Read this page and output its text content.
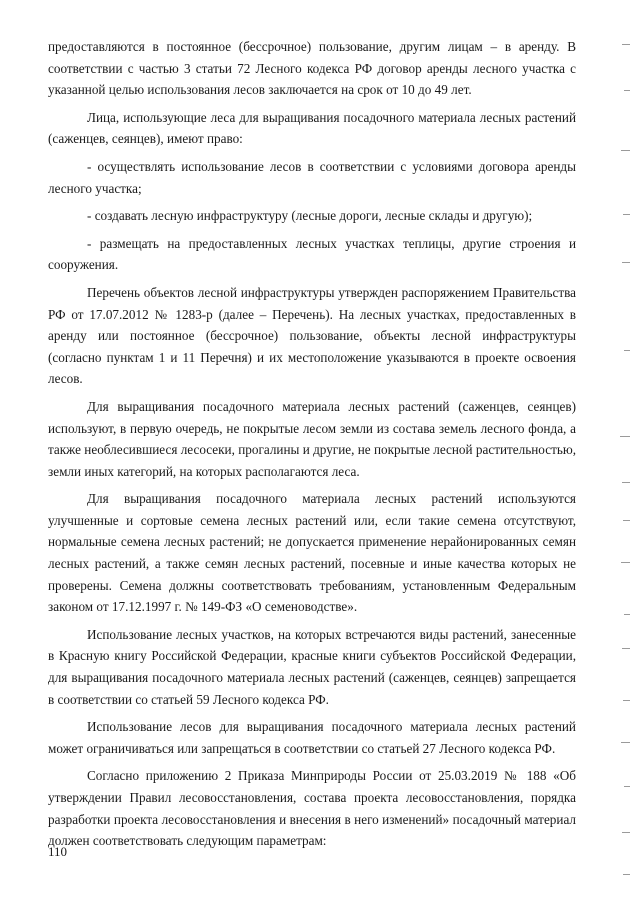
предоставляются в постоянное (бессрочное) пользование, другим лицам – в аренду. В соответствии с частью 3 статьи 72 Лесного кодекса РФ договор аренды лесного участка с указанной целью использования лесов заключается на срок от 10 до 49 лет.

Лица, использующие леса для выращивания посадочного материала лесных растений (саженцев, сеянцев), имеют право:

- осуществлять использование лесов в соответствии с условиями договора аренды лесного участка;

- создавать лесную инфраструктуру (лесные дороги, лесные склады и другую);

- размещать на предоставленных лесных участках теплицы, другие строения и сооружения.

Перечень объектов лесной инфраструктуры утвержден распоряжением Правительства РФ от 17.07.2012 № 1283-р (далее – Перечень). На лесных участках, предоставленных в аренду или постоянное (бессрочное) пользование, объекты лесной инфраструктуры (согласно пунктам 1 и 11 Перечня) и их местоположение указываются в проекте освоения лесов.

Для выращивания посадочного материала лесных растений (саженцев, сеянцев) используют, в первую очередь, не покрытые лесом земли из состава земель лесного фонда, а также необлесившиеся лесосеки, прогалины и другие, не покрытые лесной растительностью, земли иных категорий, на которых располагаются леса.

Для выращивания посадочного материала лесных растений используются улучшенные и сортовые семена лесных растений или, если такие семена отсутствуют, нормальные семена лесных растений; не допускается применение нерайонированных семян лесных растений, а также семян лесных растений, посевные и иные качества которых не проверены. Семена должны соответствовать требованиям, установленным Федеральным законом от 17.12.1997 г. № 149-ФЗ «О семеноводстве».

Использование лесных участков, на которых встречаются виды растений, занесенные в Красную книгу Российской Федерации, красные книги субъектов Российской Федерации, для выращивания посадочного материала лесных растений (саженцев, сеянцев) запрещается в соответствии со статьей 59 Лесного кодекса РФ.

Использование лесов для выращивания посадочного материала лесных растений может ограничиваться или запрещаться в соответствии со статьей 27 Лесного кодекса РФ.

Согласно приложению 2 Приказа Минприроды России от 25.03.2019 № 188 «Об утверждении Правил лесовосстановления, состава проекта лесовосстановления, порядка разработки проекта лесовосстановления и внесения в него изменений» посадочный материал должен соответствовать следующим параметрам:

110
